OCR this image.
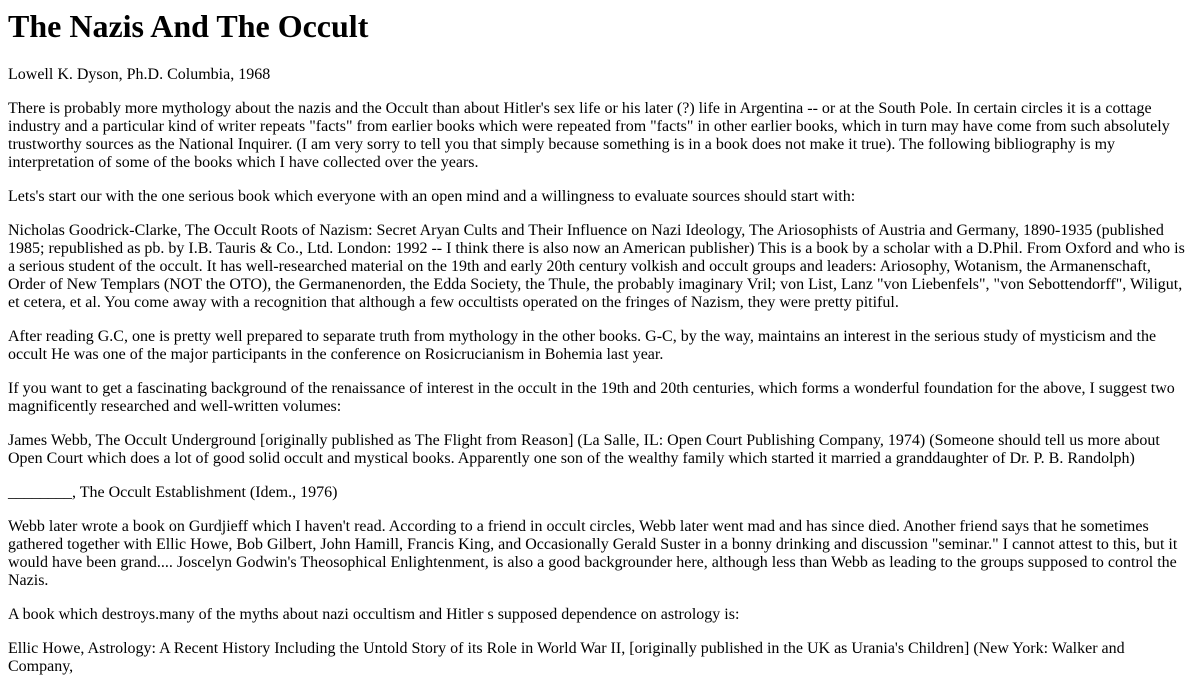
The Nazis And The Occult

Lowell K. Dyson, Ph.D. Columbia, 1968

There is probably more mythology about the nazis and the Occult than about Hitler's sex life or his later (?) life in Argentina -- or at the South Pole. In certain circles it is a cottage industry and a particular kind of writer repeats "facts" from earlier books which were repeated from "facts" in other earlier books, which in turn may have come from such absolutely trustworthy sources as the National Inquirer. (I am very sorry to tell you that simply because something is in a book does not make it true). The following bibliography is my interpretation of some of the books which I have collected over the years.

Lets's start our with the one serious book which everyone with an open mind and a willingness to evaluate sources should start with:

Nicholas Goodrick-Clarke, The Occult Roots of Nazism: Secret Aryan Cults and Their Influence on Nazi Ideology, The Ariosophists of Austria and Germany, 1890-1935 (published 1985; republished as pb. by I.B. Tauris & Co., Ltd. London: 1992 -- I think there is also now an American publisher) This is a book by a scholar with a D.Phil. From Oxford and who is a serious student of the occult. It has well-researched material on the 19th and early 20th century volkish and occult groups and leaders: Ariosophy, Wotanism, the Armanenschaft, Order of New Templars (NOT the OTO), the Germanenorden, the Edda Society, the Thule, the probably imaginary Vril; von List, Lanz "von Liebenfels", "von Sebottendorff", Wiligut, et cetera, et al. You come away with a recognition that although a few occultists operated on the fringes of Nazism, they were pretty pitiful.

After reading G.C, one is pretty well prepared to separate truth from mythology in the other books. G-C, by the way, maintains an interest in the serious study of mysticism and the occult He was one of the major participants in the conference on Rosicrucianism in Bohemia last year.

If you want to get a fascinating background of the renaissance of interest in the occult in the 19th and 20th centuries, which forms a wonderful foundation for the above, I suggest two magnificently researched and well-written volumes:

James Webb, The Occult Underground [originally published as The Flight from Reason] (La Salle, IL: Open Court Publishing Company, 1974) (Someone should tell us more about Open Court which does a lot of good solid occult and mystical books. Apparently one son of the wealthy family which started it married a granddaughter of Dr. P. B. Randolph)

________, The Occult Establishment (Idem., 1976)

Webb later wrote a book on Gurdjieff which I haven't read. According to a friend in occult circles, Webb later went mad and has since died. Another friend says that he sometimes gathered together with Ellic Howe, Bob Gilbert, John Hamill, Francis King, and Occasionally Gerald Suster in a bonny drinking and discussion "seminar." I cannot attest to this, but it would have been grand.... Joscelyn Godwin's Theosophical Enlightenment, is also a good backgrounder here, although less than Webb as leading to the groups supposed to control the Nazis.

A book which destroys.many of the myths about nazi occultism and Hitler s supposed dependence on astrology is:

Ellic Howe, Astrology: A Recent History Including the Untold Story of its Role in World War II, [originally published in the UK as Urania's Children] (New York: Walker and Company,
